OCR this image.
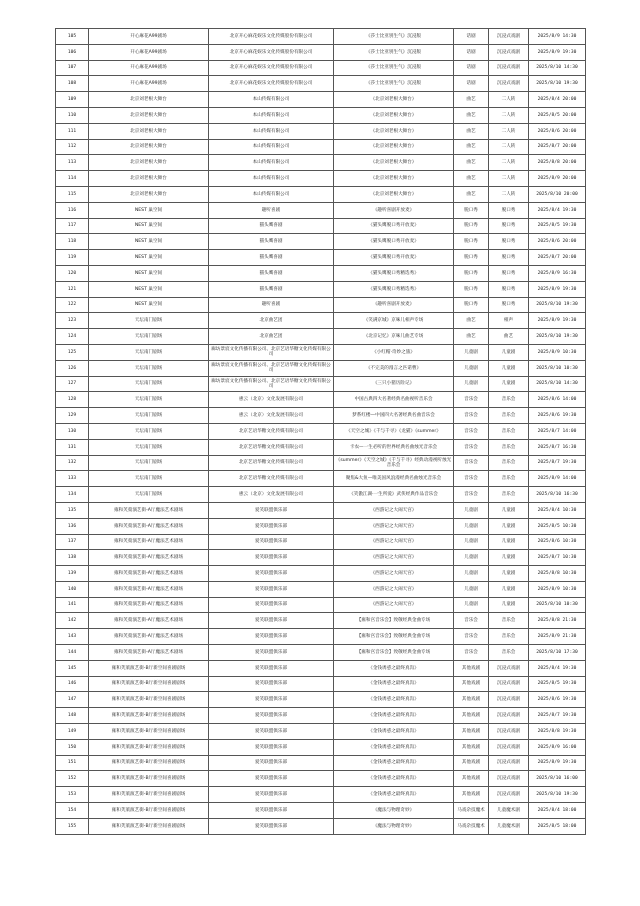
105	开心麻花A99剧场	北京开心麻花娱乐文化传媒股份有限公司	《莎士比亚别生气》沉浸版	话剧	沉浸式戏剧	2025/8/9 14:30
106	开心麻花A99剧场	北京开心麻花娱乐文化传媒股份有限公司	《莎士比亚别生气》沉浸版	话剧	沉浸式戏剧	2025/8/9 19:30
107	开心麻花A99剧场	北京开心麻花娱乐文化传媒股份有限公司	《莎士比亚别生气》沉浸版	话剧	沉浸式戏剧	2025/8/10 14:30
108	开心麻花A99剧场	北京开心麻花娱乐文化传媒股份有限公司	《莎士比亚别生气》沉浸版	话剧	沉浸式戏剧	2025/8/10 19:30
109	北京刘老根大舞台	本山传媒有限公司	《北京刘老根大舞台》	曲艺	二人转	2025/8/4 20:00
110	北京刘老根大舞台	本山传媒有限公司	《北京刘老根大舞台》	曲艺	二人转	2025/8/5 20:00
111	北京刘老根大舞台	本山传媒有限公司	《北京刘老根大舞台》	曲艺	二人转	2025/8/6 20:00
112	北京刘老根大舞台	本山传媒有限公司	《北京刘老根大舞台》	曲艺	二人转	2025/8/7 20:00
113	北京刘老根大舞台	本山传媒有限公司	《北京刘老根大舞台》	曲艺	二人转	2025/8/8 20:00
114	北京刘老根大舞台	本山传媒有限公司	《北京刘老根大舞台》	曲艺	二人转	2025/8/9 20:00
115	北京刘老根大舞台	本山传媒有限公司	《北京刘老根大舞台》	曲艺	二人转	2025/8/10 20:00
116	NEST 巢空间	趣听喜剧	《趣听喜剧开放麦》	脱口秀	脱口秀	2025/8/4 19:30
117	NEST 巢空间	猫头鹰喜剧	《猫头鹰脱口秀开放麦》	脱口秀	脱口秀	2025/8/5 19:30
118	NEST 巢空间	猫头鹰喜剧	《猫头鹰脱口秀开放麦》	脱口秀	脱口秀	2025/8/6 20:00
119	NEST 巢空间	猫头鹰喜剧	《猫头鹰脱口秀开放麦》	脱口秀	脱口秀	2025/8/7 20:00
120	NEST 巢空间	猫头鹰喜剧	《猫头鹰脱口秀精选秀》	脱口秀	脱口秀	2025/8/9 16:30
121	NEST 巢空间	猫头鹰喜剧	《猫头鹰脱口秀精选秀》	脱口秀	脱口秀	2025/8/9 19:30
122	NEST 巢空间	趣听喜剧	《趣听喜剧开放麦》	脱口秀	脱口秀	2025/8/10 19:30
123	天坛南门剧场	北京曲艺团	《笑满京城》京味儿相声专场	曲艺	相声	2025/8/9 19:30
124	天坛南门剧场	北京曲艺团	《北京记忆》京味儿曲艺专场	曲艺	曲艺	2025/8/10 19:30
125	天坛南门剧场	廊坊景宸文化传播有限公司、北京艺语华糖文化传媒有限公司	《小红帽·奇妙之旅》	儿童剧	儿童剧	2025/8/9 10:30
126	天坛南门剧场	廊坊景宸文化传播有限公司、北京艺语华糖文化传媒有限公司	《不完美的漫言之匹诺曹》	儿童剧	儿童剧	2025/8/10 10:30
127	天坛南门剧场	廊坊景宸文化传播有限公司、北京艺语华糖文化传媒有限公司	《三只小猪历险记》	儿童剧	儿童剧	2025/8/10 14:30
128	天坛南门剧场	惠云（北京）文化发展有限公司	中国古典四大名著经典名曲视听音乐会	音乐会	音乐会	2025/8/6 14:00
129	天坛南门剧场	惠云（北京）文化发展有限公司	梦系红楼—中国四大名著经典名曲音乐会	音乐会	音乐会	2025/8/6 19:30
130	天坛南门剧场	北京艺语华糖文化传媒有限公司	《天空之城》《千与千寻》《龙猫》《summer》	音乐会	音乐会	2025/8/7 14:00
131	天坛南门剧场	北京艺语华糖文化传媒有限公司	卡农—一生必听的世界经典名曲烛光音乐会	音乐会	音乐会	2025/8/7 16:30
132	天坛南门剧场	北京艺语华糖文化传媒有限公司	《summer》《天空之城》《千与千寻》经典动漫视听烛光音乐会	音乐会	音乐会	2025/8/7 19:30
133	天坛南门剧场	北京艺语华糖文化传媒有限公司	聚焦&大鱼—唯美国风浪漫经典名曲烛光音乐会	音乐会	音乐会	2025/8/9 14:00
134	天坛南门剧场	惠云（北京）文化发展有限公司	《笑傲江湖·一生所爱》武侠经典作品音乐会	音乐会	音乐会	2025/8/10 16:30
135	雍和芙蕖演艺街-A厅魔法艺术剧场	爱笑联盟俱乐部	《西游记之大闹天宫》	儿童剧	儿童剧	2025/8/4 10:30
136	雍和芙蕖演艺街-A厅魔法艺术剧场	爱笑联盟俱乐部	《西游记之大闹天宫》	儿童剧	儿童剧	2025/8/5 10:30
137	雍和芙蕖演艺街-A厅魔法艺术剧场	爱笑联盟俱乐部	《西游记之大闹天宫》	儿童剧	儿童剧	2025/8/6 10:30
138	雍和芙蕖演艺街-A厅魔法艺术剧场	爱笑联盟俱乐部	《西游记之大闹天宫》	儿童剧	儿童剧	2025/8/7 10:30
139	雍和芙蕖演艺街-A厅魔法艺术剧场	爱笑联盟俱乐部	《西游记之大闹天宫》	儿童剧	儿童剧	2025/8/8 10:30
140	雍和芙蕖演艺街-A厅魔法艺术剧场	爱笑联盟俱乐部	《西游记之大闹天宫》	儿童剧	儿童剧	2025/8/9 10:30
141	雍和芙蕖演艺街-A厅魔法艺术剧场	爱笑联盟俱乐部	《西游记之大闹天宫》	儿童剧	儿童剧	2025/8/10 10:30
142	雍和芙蕖演艺街-A厅魔法艺术剧场	爱笑联盟俱乐部	【雍和宫音乐会】致敬经典金曲专场	音乐会	音乐会	2025/8/8 21:30
143	雍和芙蕖演艺街-A厅魔法艺术剧场	爱笑联盟俱乐部	【雍和宫音乐会】致敬经典金曲专场	音乐会	音乐会	2025/8/9 21:30
144	雍和芙蕖演艺街-A厅魔法艺术剧场	爱笑联盟俱乐部	【雍和宫音乐会】致敬经典金曲专场	音乐会	音乐会	2025/8/10 17:30
145	雍和芙蕖演艺街-B厅新空间喜剧剧场	爱笑联盟俱乐部	《金钱诱惑之最终真沟》	其他戏剧	沉浸式戏剧	2025/8/4 19:30
146	雍和芙蕖演艺街-B厅新空间喜剧剧场	爱笑联盟俱乐部	《金钱诱惑之最终真沟》	其他戏剧	沉浸式戏剧	2025/8/5 19:30
147	雍和芙蕖演艺街-B厅新空间喜剧剧场	爱笑联盟俱乐部	《金钱诱惑之最终真沟》	其他戏剧	沉浸式戏剧	2025/8/6 19:30
148	雍和芙蕖演艺街-B厅新空间喜剧剧场	爱笑联盟俱乐部	《金钱诱惑之最终真沟》	其他戏剧	沉浸式戏剧	2025/8/7 19:30
149	雍和芙蕖演艺街-B厅新空间喜剧剧场	爱笑联盟俱乐部	《金钱诱惑之最终真沟》	其他戏剧	沉浸式戏剧	2025/8/8 19:30
150	雍和芙蕖演艺街-B厅新空间喜剧剧场	爱笑联盟俱乐部	《金钱诱惑之最终真沟》	其他戏剧	沉浸式戏剧	2025/8/9 16:00
151	雍和芙蕖演艺街-B厅新空间喜剧剧场	爱笑联盟俱乐部	《金钱诱惑之最终真沟》	其他戏剧	沉浸式戏剧	2025/8/9 19:30
152	雍和芙蕖演艺街-B厅新空间喜剧剧场	爱笑联盟俱乐部	《金钱诱惑之最终真沟》	其他戏剧	沉浸式戏剧	2025/8/10 16:00
153	雍和芙蕖演艺街-B厅新空间喜剧剧场	爱笑联盟俱乐部	《金钱诱惑之最终真沟》	其他戏剧	沉浸式戏剧	2025/8/10 19:30
154	雍和芙蕖演艺街-B厅新空间喜剧剧场	爱笑联盟俱乐部	《魔法与物理奇妙》	马戏杂技魔术	儿童魔术剧	2025/8/4 18:00
155	雍和芙蕖演艺街-B厅新空间喜剧剧场	爱笑联盟俱乐部	《魔法与物理奇妙》	马戏杂技魔术	儿童魔术剧	2025/8/5 18:00
